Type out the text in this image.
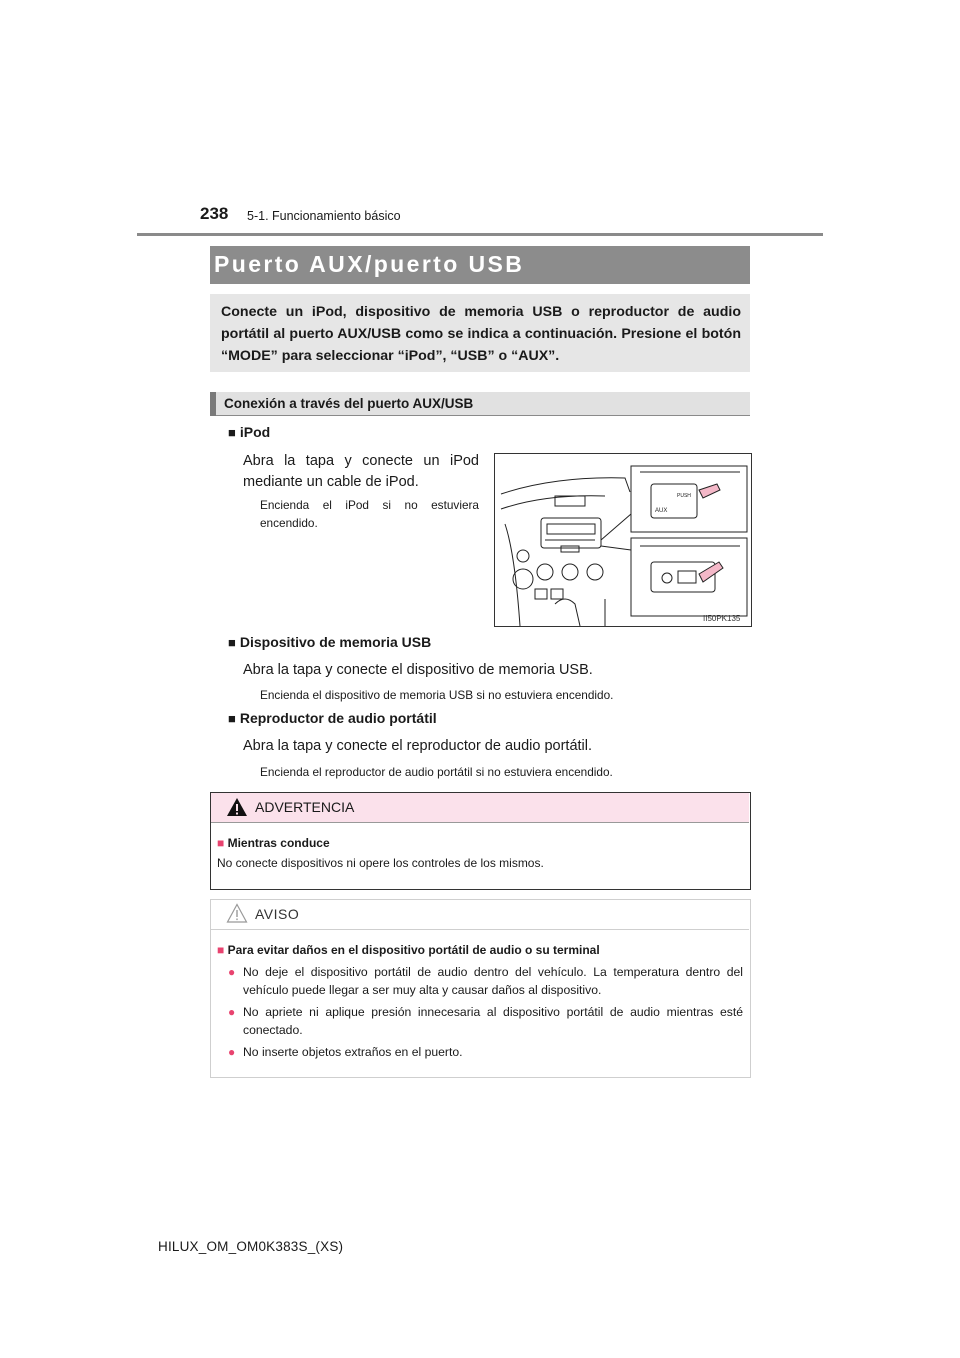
238 5-1. Funcionamiento básico
Puerto AUX/puerto USB
Conecte un iPod, dispositivo de memoria USB o reproductor de audio portátil al puerto AUX/USB como se indica a continuación. Presione el botón “MODE” para seleccionar “iPod”, “USB” o “AUX”.
Conexión a través del puerto AUX/USB
■ iPod
Abra la tapa y conecte un iPod mediante un cable de iPod.
Encienda el iPod si no estuviera encendido.
PUSH
AUX
II50PK135
■ Dispositivo de memoria USB
Abra la tapa y conecte el dispositivo de memoria USB.
Encienda el dispositivo de memoria USB si no estuviera encendido.
■ Reproductor de audio portátil
Abra la tapa y conecte el reproductor de audio portátil.
Encienda el reproductor de audio portátil si no estuviera encendido.
ADVERTENCIA
■ Mientras conduce
No conecte dispositivos ni opere los controles de los mismos.
AVISO
■ Para evitar daños en el dispositivo portátil de audio o su terminal
● No deje el dispositivo portátil de audio dentro del vehículo. La temperatura dentro del vehículo puede llegar a ser muy alta y causar daños al dispositivo.
● No apriete ni aplique presión innecesaria al dispositivo portátil de audio mientras esté conectado.
● No inserte objetos extraños en el puerto.
HILUX_OM_OM0K383S_(XS)
